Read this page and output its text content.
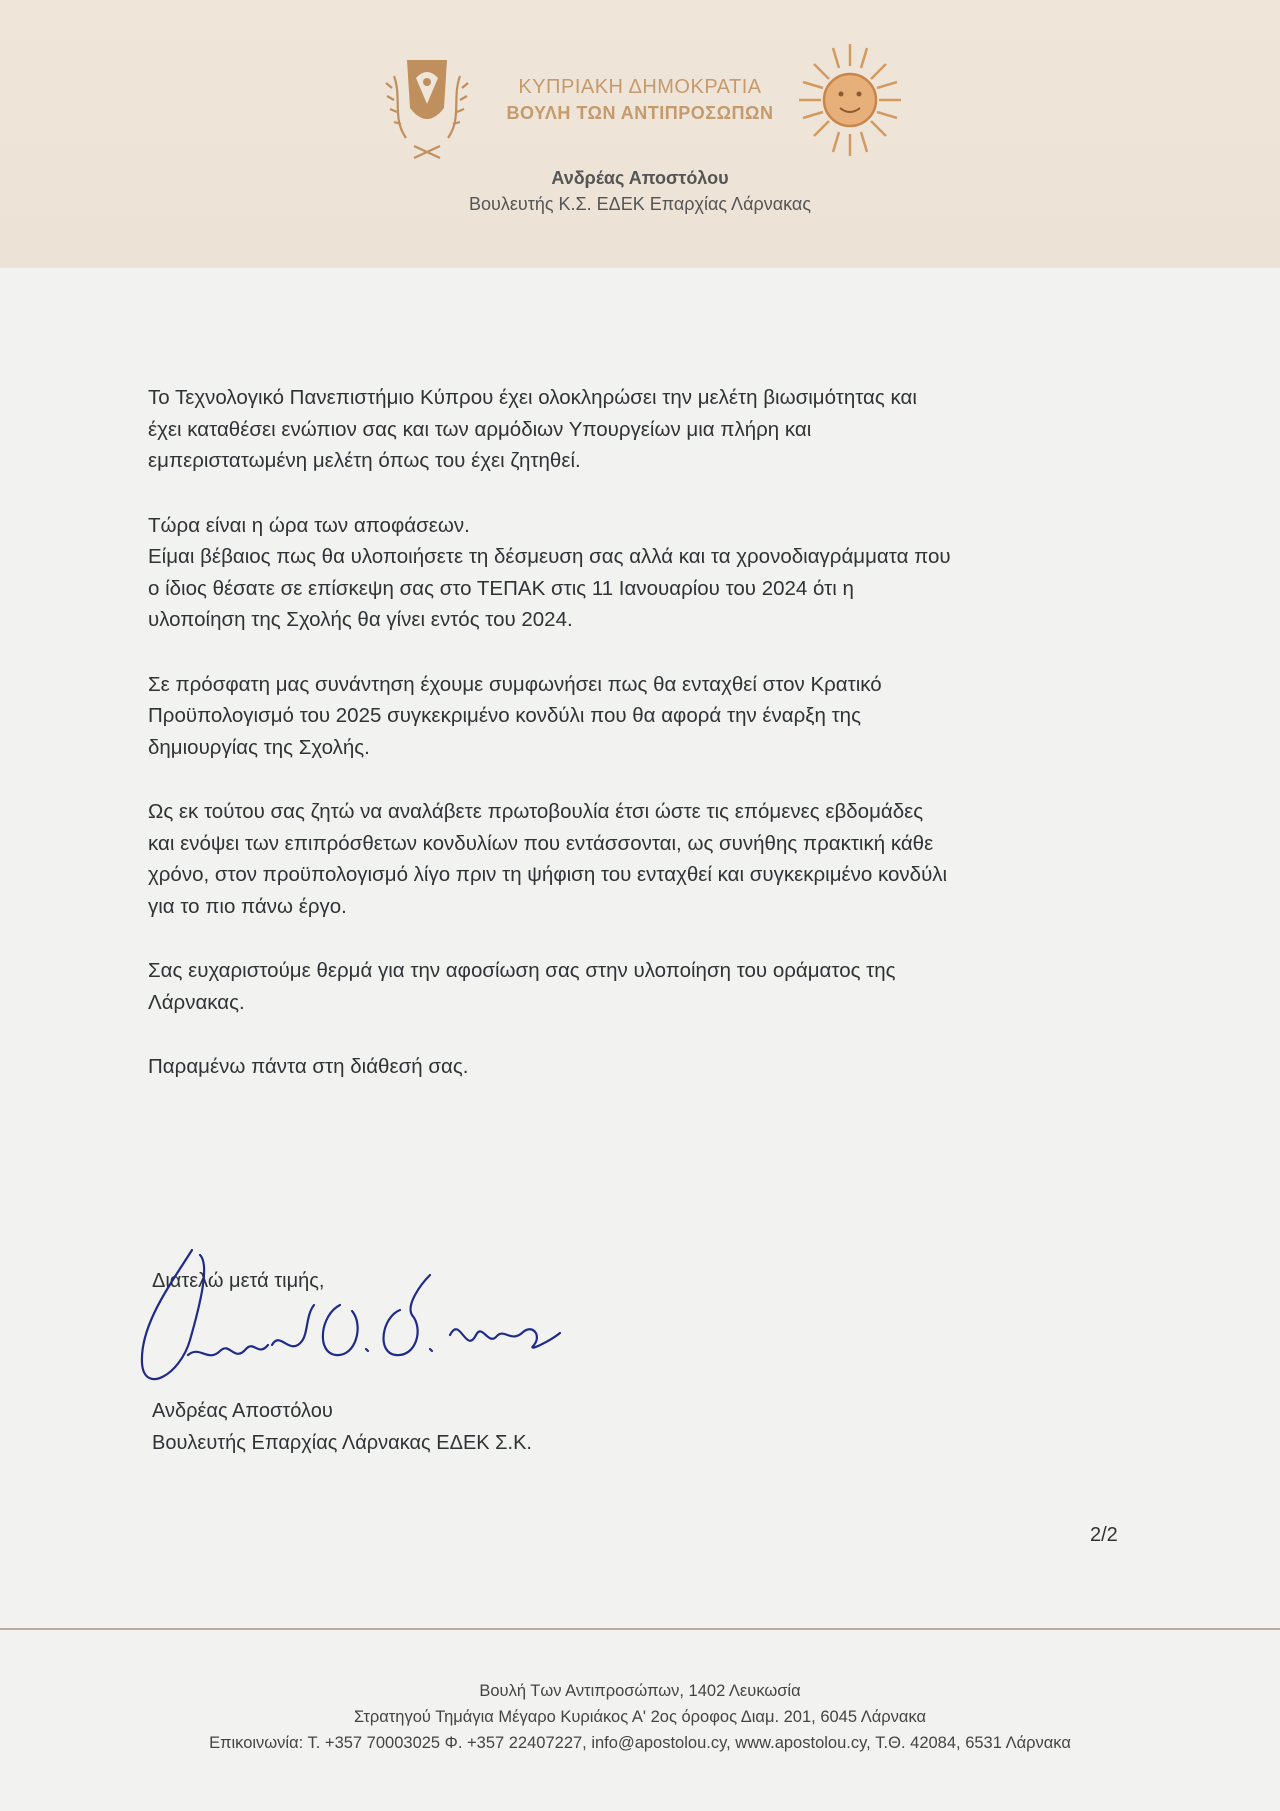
ΚΥΠΡΙΑΚΗ ΔΗΜΟΚΡΑΤΙΑ
ΒΟΥΛΗ ΤΩΝ ΑΝΤΙΠΡΟΣΩΠΩΝ
Ανδρέας Αποστόλου
Βουλευτής Κ.Σ. ΕΔΕΚ Επαρχίας Λάρνακας

Το Τεχνολογικό Πανεπιστήμιο Κύπρου έχει ολοκληρώσει την μελέτη βιωσιμότητας και
έχει καταθέσει ενώπιον σας και των αρμόδιων Υπουργείων μια πλήρη και
εμπεριστατωμένη μελέτη όπως του έχει ζητηθεί.

Τώρα είναι η ώρα των αποφάσεων.
Είμαι βέβαιος πως θα υλοποιήσετε τη δέσμευση σας αλλά και τα χρονοδιαγράμματα που
ο ίδιος θέσατε σε επίσκεψη σας στο ΤΕΠΑΚ στις 11 Ιανουαρίου του 2024 ότι η
υλοποίηση της Σχολής θα γίνει εντός του 2024.

Σε πρόσφατη μας συνάντηση έχουμε συμφωνήσει πως θα ενταχθεί στον Κρατικό
Προϋπολογισμό του 2025 συγκεκριμένο κονδύλι που θα αφορά την έναρξη της
δημιουργίας της Σχολής.

Ως εκ τούτου σας ζητώ να αναλάβετε πρωτοβουλία έτσι ώστε τις επόμενες εβδομάδες
και ενόψει των επιπρόσθετων κονδυλίων που εντάσσονται, ως συνήθης πρακτική κάθε
χρόνο, στον προϋπολογισμό λίγο πριν τη ψήφιση του ενταχθεί και συγκεκριμένο κονδύλι
για το πιο πάνω έργο.

Σας ευχαριστούμε θερμά για την αφοσίωση σας στην υλοποίηση του οράματος της
Λάρνακας.

Παραμένω πάντα στη διάθεσή σας.

Διατελώ μετά τιμής,
Ανδρέας Αποστόλου
Βουλευτής Επαρχίας Λάρνακας ΕΔΕΚ Σ.Κ.
2/2
Βουλή Των Αντιπροσώπων, 1402 Λευκωσία
Στρατηγού Τημάγια Μέγαρο Κυριάκος Α' 2ος όροφος Διαμ. 201, 6045 Λάρνακα
Επικοινωνία: Τ. +357 70003025 Φ. +357 22407227, info@apostolou.cy, www.apostolou.cy, Τ.Θ. 42084, 6531 Λάρνακα
